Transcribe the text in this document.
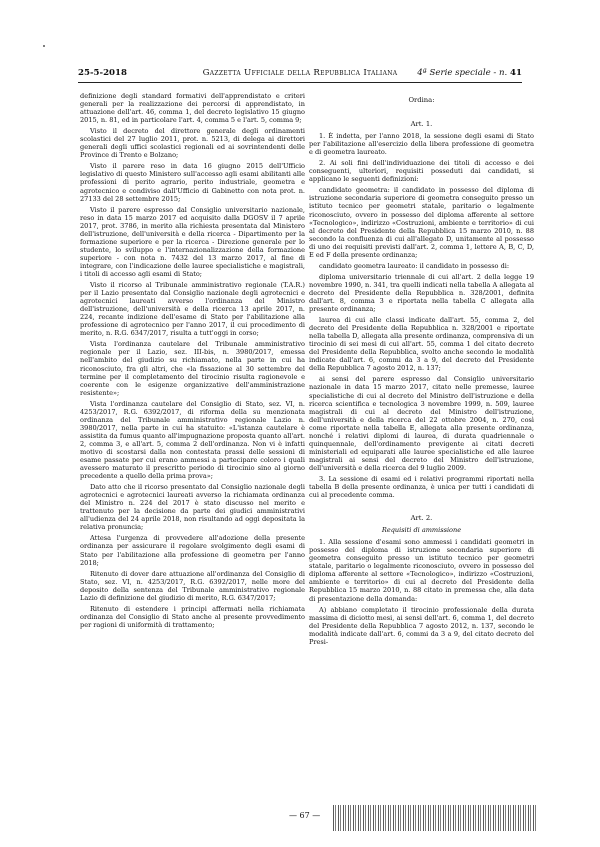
25-5-2018	Gazzetta Ufficiale della Repubblica Italiana	4ª Serie speciale - n. 41

definizione degli standard formativi dell'apprendistato e criteri generali per la realizzazione dei percorsi di apprendistato, in attuazione dell'art. 46, comma 1, del decreto legislativo 15 giugno 2015, n. 81, ed in particolare l'art. 4, comma 5 e l'art. 5, comma 9;

Visto il decreto del direttore generale degli ordinamenti scolastici del 27 luglio 2011, prot. n. 5213, di delega ai direttori generali degli uffici scolastici regionali ed ai sovrintendenti delle Province di Trento e Bolzano;

Visto il parere reso in data 16 giugno 2015 dell'Ufficio legislativo di questo Ministero sull'accesso agli esami abilitanti alle professioni di perito agrario, perito industriale, geometra e agrotecnico e condiviso dall'Ufficio di Gabinetto con nota prot. n. 27133 del 28 settembre 2015;

Visto il parere espresso dal Consiglio universitario nazionale, reso in data 15 marzo 2017 ed acquisito dalla DGOSV il 7 aprile 2017, prot. 3786, in merito alla richiesta presentata dal Ministero dell'istruzione, dell'università e della ricerca - Dipartimento per la formazione superiore e per la ricerca - Direzione generale per lo studente, lo sviluppo e l'internazionalizzazione della formazione superiore - con nota n. 7432 del 13 marzo 2017, al fine di integrare, con l'indicazione delle lauree specialistiche e magistrali, i titoli di accesso agli esami di Stato;

Visto il ricorso al Tribunale amministrativo regionale (T.A.R.) per il Lazio presentato dal Consiglio nazionale degli agrotecnici e agrotecnici laureati avverso l'ordinanza del Ministro dell'istruzione, dell'università e della ricerca 13 aprile 2017, n. 224, recante indizione dell'esame di Stato per l'abilitazione alla professione di agrotecnico per l'anno 2017, il cui procedimento di merito, n. R.G. 6347/2017, risulta a tutt'oggi in corso;

Vista l'ordinanza cautelare del Tribunale amministrativo regionale per il Lazio, sez. III-bis, n. 3980/2017, emessa nell'ambito del giudizio su richiamato, nella parte in cui ha riconosciuto, fra gli altri, che «la fissazione al 30 settembre del termine per il completamento del tirocinio risulta ragionevole e coerente con le esigenze organizzative dell'amministrazione resistente»;

Vista l'ordinanza cautelare del Consiglio di Stato, sez. VI, n. 4253/2017, R.G. 6392/2017, di riforma della su menzionata ordinanza del Tribunale amministrativo regionale Lazio n. 3980/2017, nella parte in cui ha statuito: «L'istanza cautelare è assistita da fumus quanto all'impugnazione proposta quanto all'art. 2, comma 3, e all'art. 5, comma 2 dell'ordinanza. Non vi è infatti motivo di scostarsi dalla non contestata prassi delle sessioni di esame passate per cui erano ammessi a partecipare coloro i quali avessero maturato il prescritto periodo di tirocinio sino al giorno precedente a quello della prima prova»;

Dato atto che il ricorso presentato dal Consiglio nazionale degli agrotecnici e agrotecnici laureati avverso la richiamata ordinanza del Ministro n. 224 del 2017 è stato discusso nel merito e trattenuto per la decisione da parte dei giudici amministrativi all'udienza del 24 aprile 2018, non risultando ad oggi depositata la relativa pronuncia;

Attesa l'urgenza di provvedere all'adozione della presente ordinanza per assicurare il regolare svolgimento degli esami di Stato per l'abilitazione alla professione di geometra per l'anno 2018;

Ritenuto di dover dare attuazione all'ordinanza del Consiglio di Stato, sez. VI, n. 4253/2017, R.G. 6392/2017, nelle more del deposito della sentenza del Tribunale amministrativo regionale Lazio di definizione del giudizio di merito, R.G. 6347/2017;

Ritenuto di estendere i principi affermati nella richiamata ordinanza del Consiglio di Stato anche al presente provvedimento per ragioni di uniformità di trattamento;

Ordina:

Art. 1.

1. È indetta, per l'anno 2018, la sessione degli esami di Stato per l'abilitazione all'esercizio della libera professione di geometra e di geometra laureato.

2. Ai soli fini dell'individuazione dei titoli di accesso e dei conseguenti, ulteriori, requisiti posseduti dai candidati, si applicano le seguenti definizioni:

candidato geometra: il candidato in possesso del diploma di istruzione secondaria superiore di geometra conseguito presso un istituto tecnico per geometri statale, paritario o legalmente riconosciuto, ovvero in possesso del diploma afferente al settore «Tecnologico», indirizzo «Costruzioni, ambiente e territorio» di cui al decreto del Presidente della Repubblica 15 marzo 2010, n. 88 secondo la confluenza di cui all'allegato D, unitamente al possesso di uno dei requisiti previsti dall'art. 2, comma 1, lettere A, B, C, D, E ed F della presente ordinanza;

candidato geometra laureato: il candidato in possesso di:

diploma universitario triennale di cui all'art. 2 della legge 19 novembre 1990, n. 341, tra quelli indicati nella tabella A allegata al decreto del Presidente della Repubblica n. 328/2001, definita dall'art. 8, comma 3 e riportata nella tabella C allegata alla presente ordinanza;

laurea di cui alle classi indicate dall'art. 55, comma 2, del decreto del Presidente della Repubblica n. 328/2001 e riportate nella tabella D, allegata alla presente ordinanza, comprensiva di un tirocinio di sei mesi di cui all'art. 55, comma 1 del citato decreto del Presidente della Repubblica, svolto anche secondo le modalità indicate dall'art. 6, commi da 3 a 9, del decreto del Presidente della Repubblica 7 agosto 2012, n. 137;

ai sensi del parere espresso dal Consiglio universitario nazionale in data 15 marzo 2017, citato nelle premesse, lauree specialistiche di cui al decreto del Ministro dell'istruzione e della ricerca scientifica e tecnologica 3 novembre 1999, n. 509, lauree magistrali di cui al decreto del Ministro dell'istruzione, dell'università e della ricerca del 22 ottobre 2004, n. 270, così come riportate nella tabella E, allegata alla presente ordinanza, nonché i relativi diplomi di laurea, di durata quadriennale o quinquennale, dell'ordinamento previgente ai citati decreti ministeriali ed equiparati alle lauree specialistiche ed alle lauree magistrali ai sensi del decreto del Ministro dell'istruzione, dell'università e della ricerca del 9 luglio 2009.

3. La sessione di esami ed i relativi programmi riportati nella tabella B della presente ordinanza, è unica per tutti i candidati di cui al precedente comma.

Art. 2.

Requisiti di ammissione

1. Alla sessione d'esami sono ammessi i candidati geometri in possesso del diploma di istruzione secondaria superiore di geometra conseguito presso un istituto tecnico per geometri statale, paritario o legalmente riconosciuto, ovvero in possesso del diploma afferente al settore «Tecnologico», indirizzo «Costruzioni, ambiente e territorio» di cui al decreto del Presidente della Repubblica 15 marzo 2010, n. 88 citato in premessa che, alla data di presentazione della domanda:

A) abbiano completato il tirocinio professionale della durata massima di diciotto mesi, ai sensi dell'art. 6, comma 1, del decreto del Presidente della Repubblica 7 agosto 2012, n. 137, secondo le modalità indicate dall'art. 6, commi da 3 a 9, del citato decreto del Presi-

— 67 —
